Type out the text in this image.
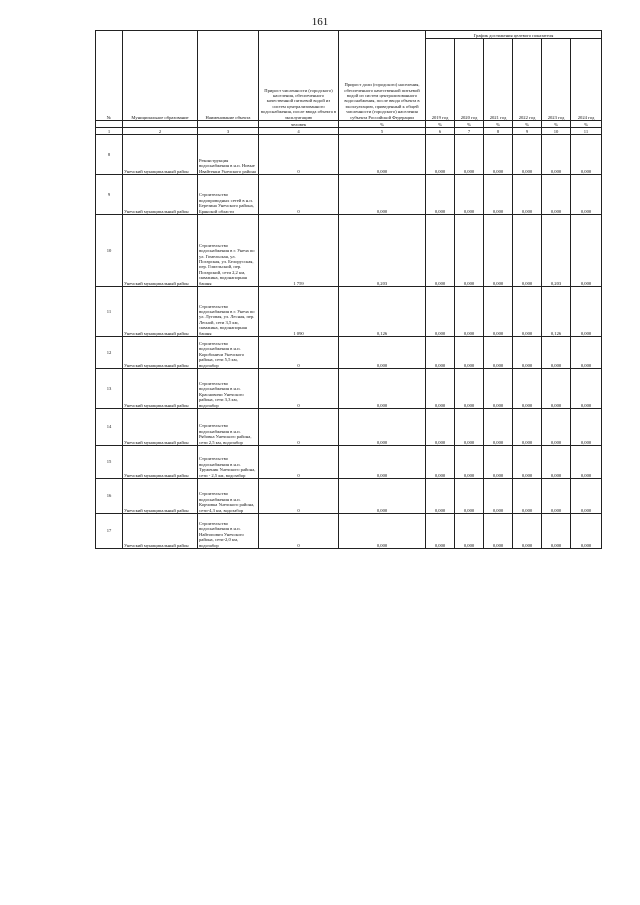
161
№	Муниципальное образование	Наименование объекта	Прирост численности (городского) населения, обеспеченного качественной питьевой водой из систем централизованного водоснабжения, после ввода объекта в эксплуатацию	Прирост доли (городского) населения, обеспеченного качественной питьевой водой из систем централизованного водоснабжения, после ввода объекта в эксплуатацию, приведенный к общей численности (городского) населения субъекта Российской Федерации	График достижения целевого показателя					
					2019 год	2020 год	2021 год	2022 год	2023 год	2024 год
			человек	%	%	%	%	%	%	%
1	2	3	4	5	6	7	8	9	10	11
8	Унечский муниципальный район	Реконструкция водоснабжения в н.п. Новые Ивайтенки Унечского района	0	0,000	0,000	0,000	0,000	0,000	0,000	0,000
9	Унечский муниципальный район	Строительство водопроводных сетей в н.п. Березина Унечского района, Брянской области	0	0,000	0,000	0,000	0,000	0,000	0,000	0,000
10	Унечский муниципальный район	Строительство водоснабжения в г. Унеча по ул. Гомельская, ул. Погарская, ул. Белорусская, пер. Гомельский, пер. Погарский, сети 2,2 км, скважина, водонапорная башня	1 759	0,203	0,000	0,000	0,000	0,000	0,203	0,000
11	Унечский муниципальный район	Строительство водоснабжения в г. Унеча по ул. Луговая, ул. Лесная, пер. Лесной, сети 3,5 км, скважина, водонапорная башня	1 090	0,126	0,000	0,000	0,000	0,000	0,126	0,000
12	Унечский муниципальный район	Строительство водоснабжения в н.п. Коробоничи Унечского района, сети 5,5 км, водозабор	0	0,000	0,000	0,000	0,000	0,000	0,000	0,000
13	Унечский муниципальный район	Строительство водоснабжения в н.п. Красновичи Унечского района, сети 3,3 км, водозабор	0	0,000	0,000	0,000	0,000	0,000	0,000	0,000
14	Унечский муниципальный район	Строительство водоснабжения в н.п. Рябовка Унечского района, сети 2,5 км, водозабор	0	0,000	0,000	0,000	0,000	0,000	0,000	0,000
15	Унечский муниципальный район	Строительство водоснабжения в н.п. Труженик Унечского района, сети - 2,5 км, водозабор	0	0,000	0,000	0,000	0,000	0,000	0,000	0,000
16	Унечский муниципальный район	Строительство водоснабжения в н.п. Корчовка Унечского района, сети-4,3 км, водозабор	0	0,000	0,000	0,000	0,000	0,000	0,000	0,000
17	Унечский муниципальный район	Строительство водоснабжения в н.п. Найтопович Унечского района, сети-2,0 км, водозабор	0	0,000	0,000	0,000	0,000	0,000	0,000	0,000
